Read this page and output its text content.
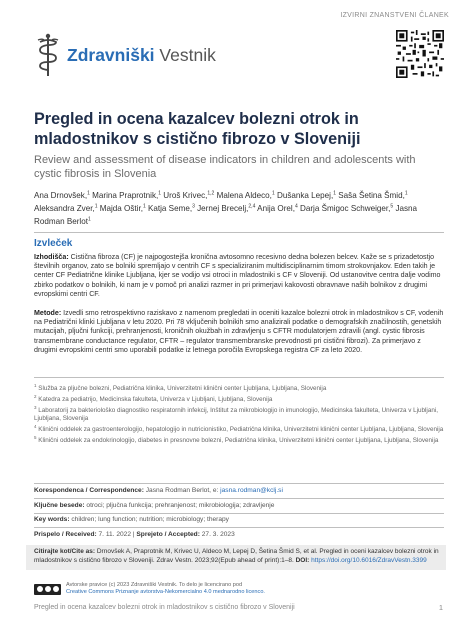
IZVIRNI ZNANSTVENI ČLANEK
Zdravniški Vestnik
Pregled in ocena kazalcev bolezni otrok in mladostnikov s cistično fibrozo v Sloveniji
Review and assessment of disease indicators in children and adolescents with cystic fibrosis in Slovenia
Ana Drnovšek,$^1$ Marina Praprotnik,$^1$ Uroš Krivec,$^{1,2}$ Malena Aldeco,$^1$ Dušanka Lepej,$^1$ Saša Šetina Šmid,$^1$ Aleksandra Zver,$^1$ Majda Oštir,$^1$ Katja Seme,$^3$ Jernej Brecelj,$^{2,4}$ Anija Orel,$^4$ Darja Šmigoc Schweiger,$^5$ Jasna Rodman Berlot$^1$
Izvleček
Izhodišča: Cistična fibroza (CF) je najpogostejša kronična avtosomno recesivno dedna bolezen belcev. Kaže se s prizadetostjo številnih organov, zato se bolniki spremljajo v centrih CF s specializiranim multidisciplinarnim timom strokovnjakov. Eden takih je center CF Pediatrične klinike Ljubljana, kjer se vodijo vsi otroci in mladostniki s CF v Sloveniji. Od ustanovitve centra dalje vodimo zbirko podatkov o bolnikih, ki nam je v pomoč pri analizi razmer in pri primerjavi kakovosti obravnave naših bolnikov z drugimi evropskimi centri CF.
Metode: Izvedli smo retrospektivno raziskavo z namenom pregledati in oceniti kazalce bolezni otrok in mladostnikov s CF, vodenih na Pediatrični klinki Ljubljana v letu 2020. Pri 78 vključenih bolnikih smo analizirali podatke o demografskih značilnostih, genetskih mutacijah, pljučni funkciji, prehranjenosti, kroničnih okužbah in zdravljenju s CFTR modulatorjem zdravili (angl. cystic fibrosis transmembrane conductance regulator, CFTR – regulator transmembranske prevodnosti pri cistični fibrozi). Za primerjavo z drugimi evropskimi centri smo uporabili podatke iz letnega poročila Evropskega registra CF za leto 2020.
$^1$ Služba za pljučne bolezni, Pediatrična klinika, Univerzitetni klinični center Ljubljana, Ljubljana, Slovenija
$^2$ Katedra za pediatrijo, Medicinska fakulteta, Univerza v Ljubljani, Ljubljana, Slovenija
$^3$ Laboratorij za bakteriološko diagnostiko respiratornih infekcij, Inštitut za mikrobiologijo in imunologijo, Medicinska fakulteta, Univerza v Ljubljani, Ljubljana, Slovenija
$^4$ Klinični oddelek za gastroenterologijo, hepatologijo in nutricionistiko, Pediatrična klinika, Univerzitetni klinični center Ljubljana, Ljubljana, Slovenija
$^5$ Klinični oddelek za endokrinologijo, diabetes in presnovne bolezni, Pediatrična klinika, Univerzitetni klinični center Ljubljana, Ljubljana, Slovenija
Korespondenca / Correspondence: Jasna Rodman Berlot, e: jasna.rodman@kclj.si
Ključne besede: otroci; pljučna funkcija; prehranjenost; mikrobiologija; zdravljenje
Key words: children; lung function; nutrition; microbiology; therapy
Prispelo / Received: 7. 11. 2022 | Sprejeto / Accepted: 27. 3. 2023
Citirajte kot/Cite as: Drnovšek A, Praprotnik M, Krivec U, Aldeco M, Lepej D, Šetina Šmid S, et al. Pregled in oceni kazalcev bolezni otrok in mladostnikov s cistično fibrozo v Sloveniji. Zdrav Vestn. 2023;92(Epub ahead of print):1–8. DOI: https://doi.org/10.6016/ZdravVestn.3399
Avtorske pravice (c) 2023 Zdravniški Vestnik. To delo je licencirano pod
Creative Commons Priznanje avtorstva-Nekomercialno 4.0 mednarodno licenco.
Pregled in ocena kazalcev bolezni otrok in mladostnikov s cistično fibrozo v Sloveniji	1
